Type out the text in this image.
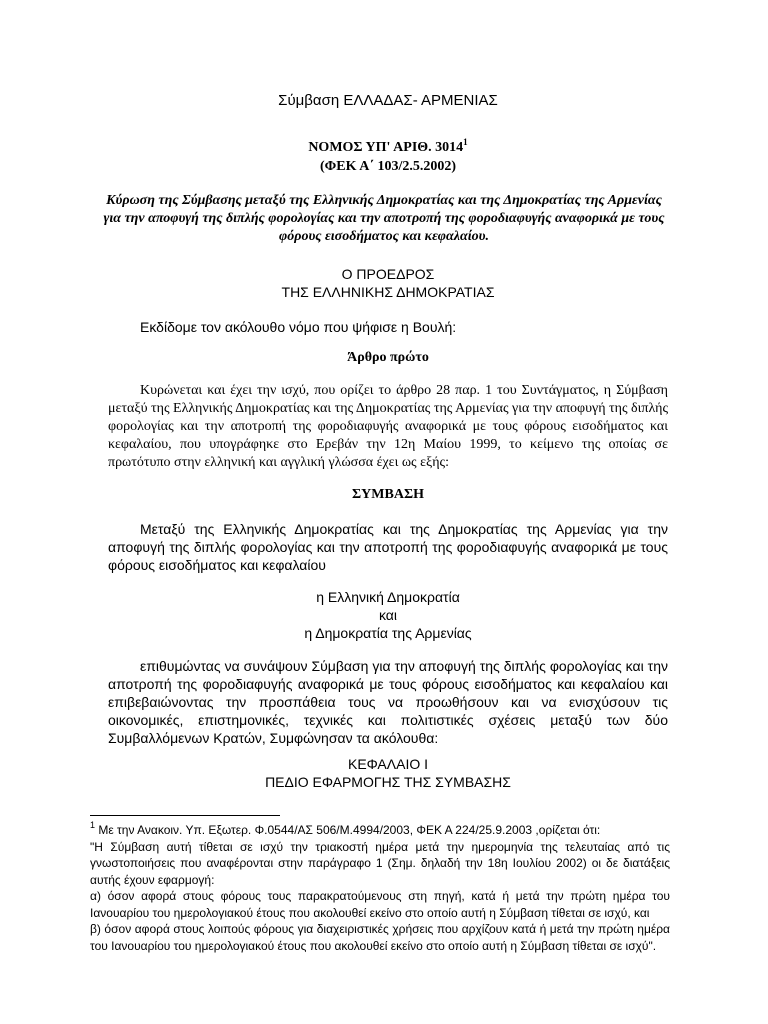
Σύμβαση ΕΛΛΑΔΑΣ- ΑΡΜΕΝΙΑΣ
ΝΟΜΟΣ ΥΠ' ΑΡΙΘ. 3014$^1$
(ΦΕΚ Α΄ 103/2.5.2002)
Κύρωση της Σύμβασης μεταξύ της Ελληνικής Δημοκρατίας και της Δημοκρατίας της Αρμενίας για την αποφυγή της διπλής φορολογίας και την αποτροπή της φοροδιαφυγής αναφορικά με τους φόρους εισοδήματος και κεφαλαίου.
Ο ΠΡΟΕΔΡΟΣ
ΤΗΣ ΕΛΛΗΝΙΚΗΣ ΔΗΜΟΚΡΑΤΙΑΣ
Εκδίδομε τον ακόλουθο νόμο που ψήφισε η Βουλή:
Άρθρο πρώτο
Κυρώνεται και έχει την ισχύ, που ορίζει το άρθρο 28 παρ. 1 του Συντάγματος, η Σύμβαση μεταξύ της Ελληνικής Δημοκρατίας και της Δημοκρατίας της Αρμενίας για την αποφυγή της διπλής φορολογίας και την αποτροπή της φοροδιαφυγής αναφορικά με τους φόρους εισοδήματος και κεφαλαίου, που υπογράφηκε στο Ερεβάν την 12η Μαίου 1999, το κείμενο της οποίας σε πρωτότυπο στην ελληνική και αγγλική γλώσσα έχει ως εξής:
ΣΥΜΒΑΣΗ
Μεταξύ της Ελληνικής Δημοκρατίας και της Δημοκρατίας της Αρμενίας για την αποφυγή της διπλής φορολογίας και την αποτροπή της φοροδιαφυγής αναφορικά με τους φόρους εισοδήματος και κεφαλαίου
η Ελληνική Δημοκρατία
και
η Δημοκρατία της Αρμενίας
επιθυμώντας να συνάψουν Σύμβαση για την αποφυγή της διπλής φορολογίας και την αποτροπή της φοροδιαφυγής αναφορικά με τους φόρους εισοδήματος και κεφαλαίου και επιβεβαιώνοντας την προσπάθεια τους να προωθήσουν και να ενισχύσουν τις οικονομικές, επιστημονικές, τεχνικές και πολιτιστικές σχέσεις μεταξύ των δύο Συμβαλλόμενων Κρατών, Συμφώνησαν τα ακόλουθα:
ΚΕΦΑΛΑΙΟ Ι
ΠΕΔΙΟ ΕΦΑΡΜΟΓΗΣ ΤΗΣ ΣΥΜΒΑΣΗΣ
$^1$ Με την Ανακοιν. Υπ. Εξωτερ. Φ.0544/ΑΣ 506/Μ.4994/2003, ΦΕΚ Α 224/25.9.2003 ,ορίζεται ότι:
"Η Σύμβαση αυτή τίθεται σε ισχύ την τριακοστή ημέρα μετά την ημερομηνία της τελευταίας από τις γνωστοποιήσεις που αναφέρονται στην παράγραφο 1 (Σημ. δηλαδή την 18η Ιουλίου 2002) οι δε διατάξεις αυτής έχουν εφαρμογή:
α) όσον αφορά στους φόρους τους παρακρατούμενους στη πηγή, κατά ή μετά την πρώτη ημέρα του Ιανουαρίου του ημερολογιακού έτους που ακολουθεί εκείνο στο οποίο αυτή η Σύμβαση τίθεται σε ισχύ, και
β) όσον αφορά στους λοιπούς φόρους για διαχειριστικές χρήσεις που αρχίζουν κατά ή μετά την πρώτη ημέρα του Ιανουαρίου του ημερολογιακού έτους που ακολουθεί εκείνο στο οποίο αυτή η Σύμβαση τίθεται σε ισχύ".
